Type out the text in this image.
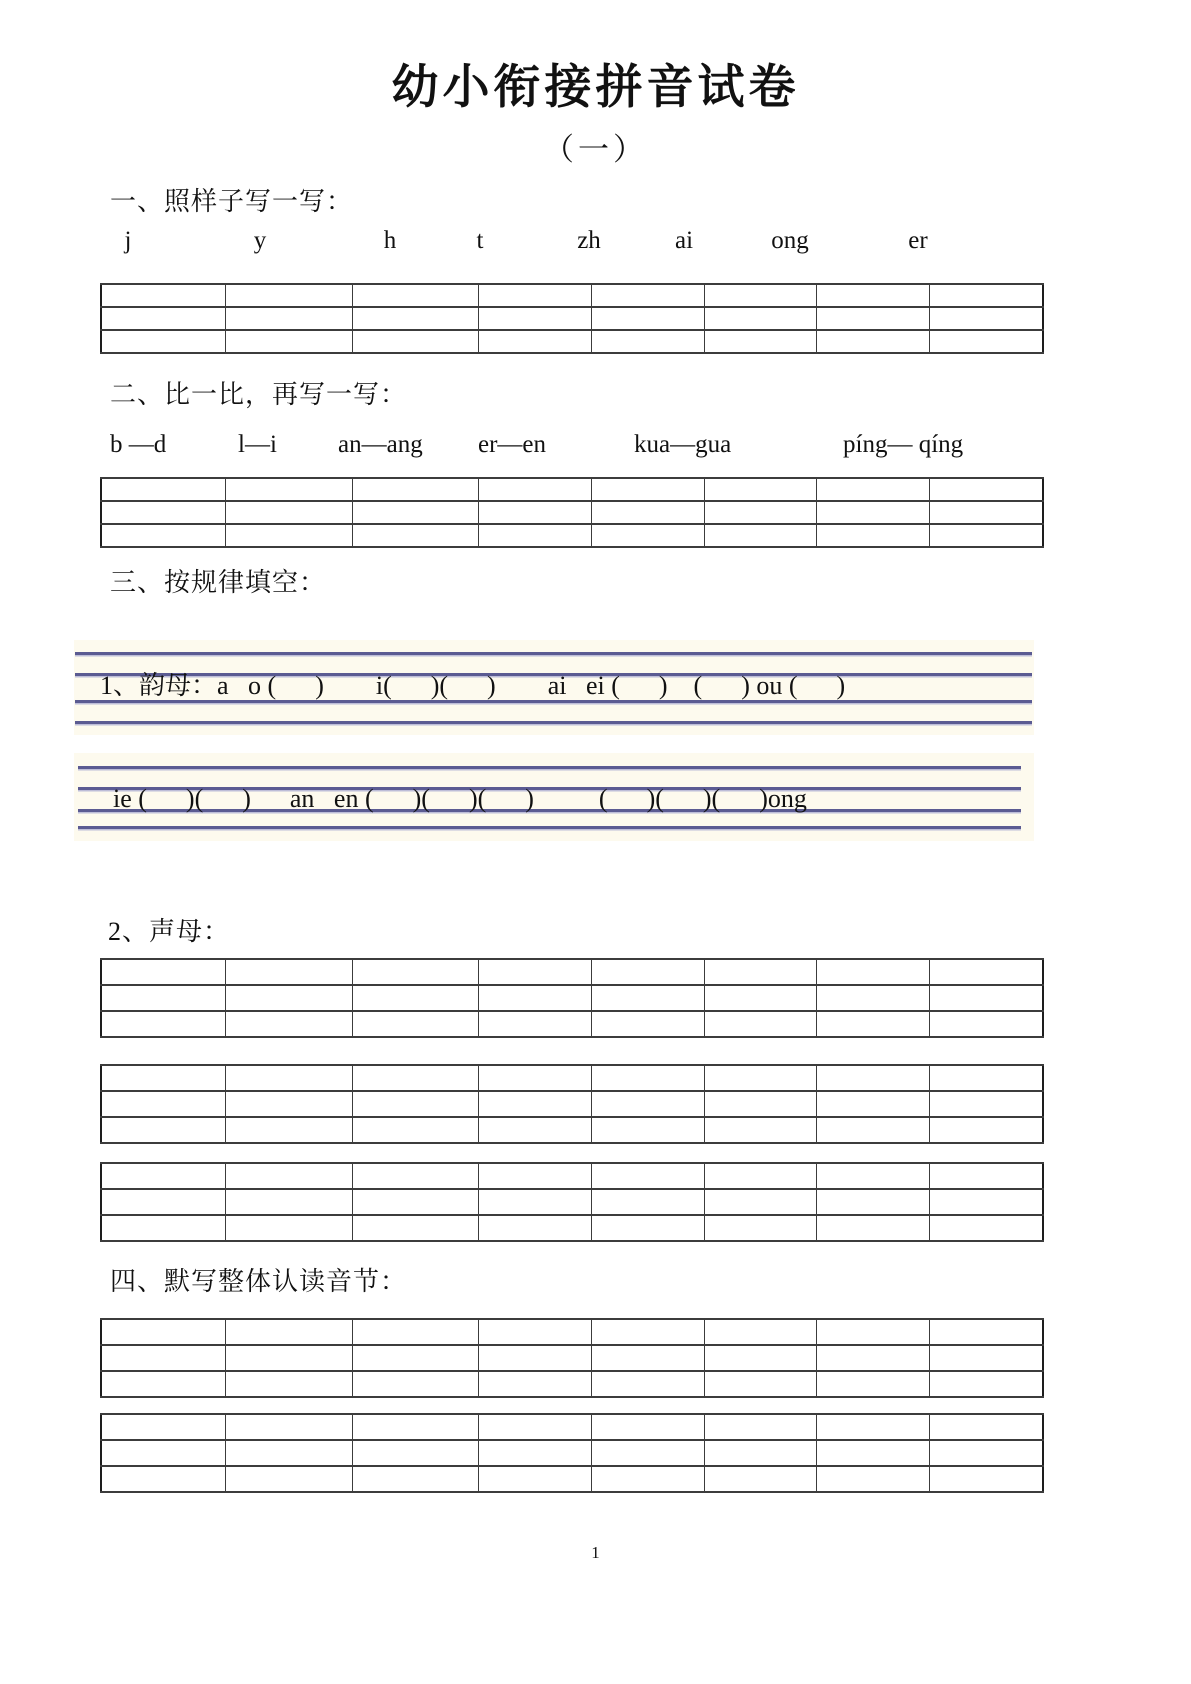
幼小衔接拼音试卷
（一）
一、照样子写一写：
j	y	h	t	zh	ai	ong	er

二、比一比，再写一写：
b —d	l—i an—ang er—en	kua—gua	píng— qíng

三、按规律填空：
1、韵母：a   o (      )        i(      )(      )        ai   ei (      )    (      ) ou (      )
ie (      )(      )      an   en (      )(      )(      )          (      )(      )(      )ong
2、声母：

四、默写整体认读音节：

1
